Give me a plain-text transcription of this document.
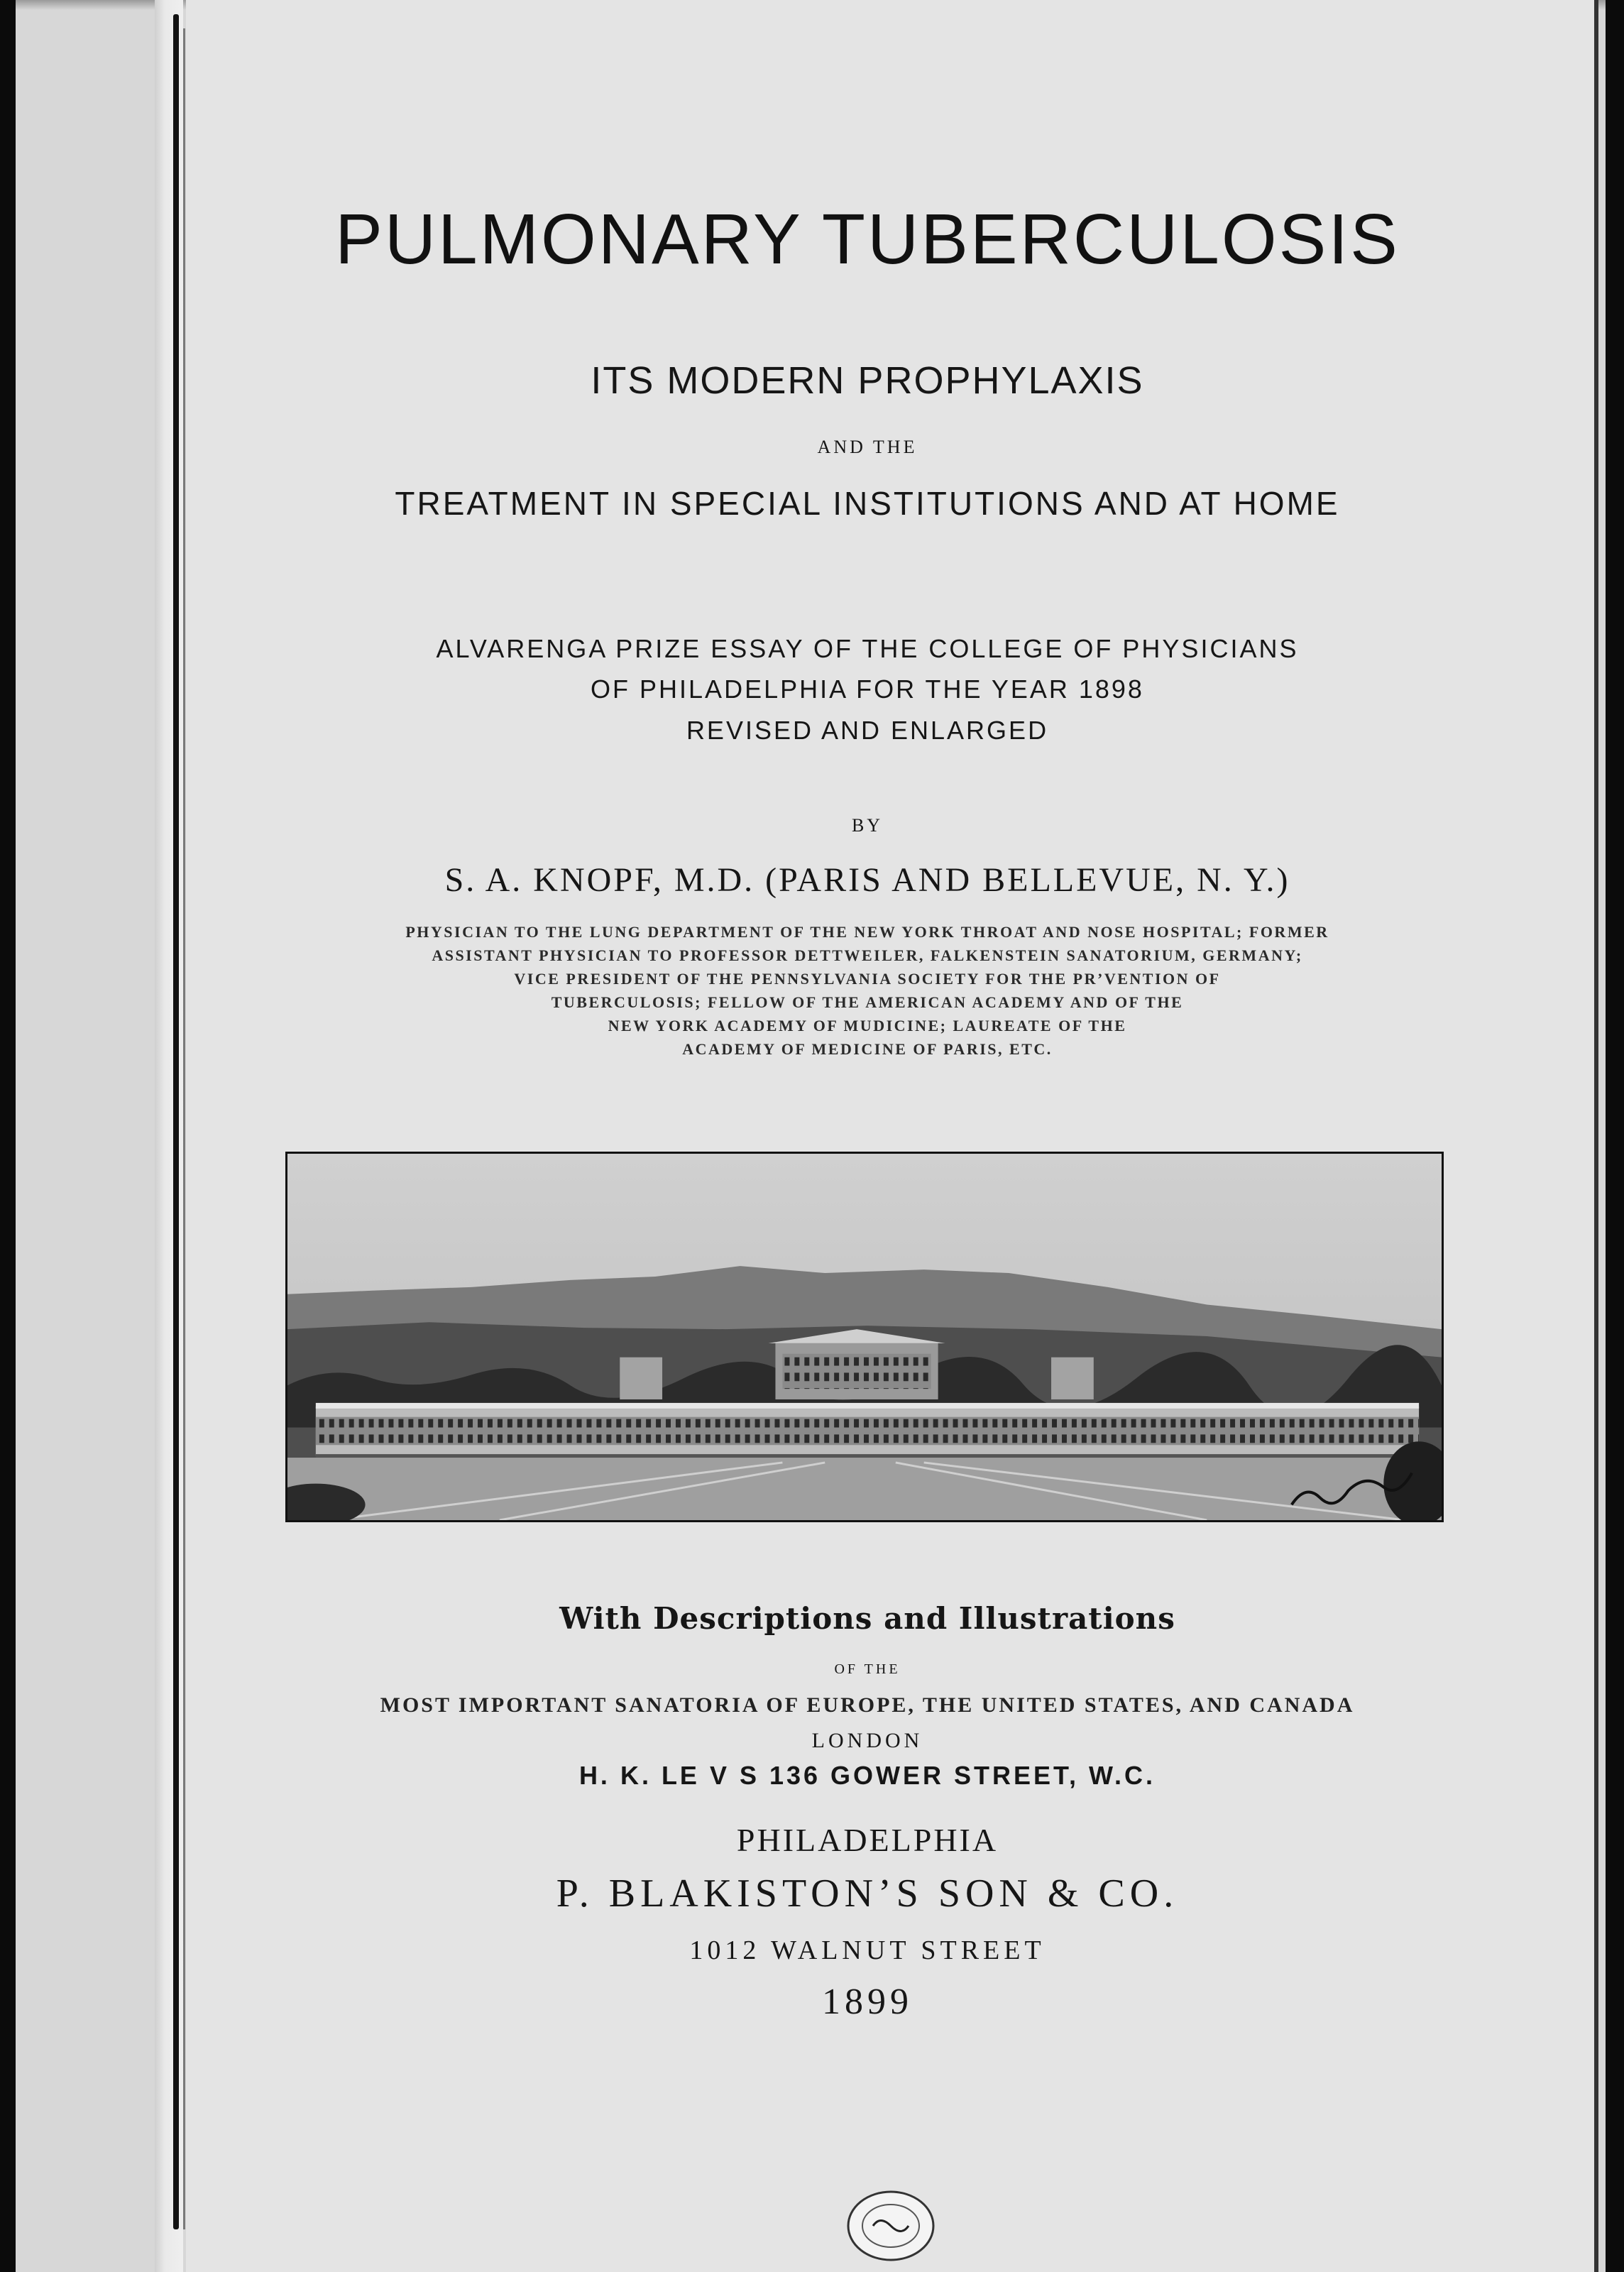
PULMONARY TUBERCULOSIS
ITS MODERN PROPHYLAXIS
AND THE
TREATMENT IN SPECIAL INSTITUTIONS AND AT HOME
ALVARENGA PRIZE ESSAY OF THE COLLEGE OF PHYSICIANS
OF PHILADELPHIA FOR THE YEAR 1898
REVISED AND ENLARGED
BY
S. A. KNOPF, M.D. (PARIS AND BELLEVUE, N. Y.)
PHYSICIAN TO THE LUNG DEPARTMENT OF THE NEW YORK THROAT AND NOSE HOSPITAL; FORMER
ASSISTANT PHYSICIAN TO PROFESSOR DETTWEILER, FALKENSTEIN SANATORIUM, GERMANY;
VICE PRESIDENT OF THE PENNSYLVANIA SOCIETY FOR THE PR’VENTION OF
TUBERCULOSIS; FELLOW OF THE AMERICAN ACADEMY AND OF THE
NEW YORK ACADEMY OF MUDICINE; LAUREATE OF THE
ACADEMY OF MEDICINE OF PARIS, ETC.
With Descriptions and Illustrations
OF THE
MOST IMPORTANT SANATORIA OF EUROPE, THE UNITED STATES, AND CANADA
LONDON
H. K. LE V S 136 GOWER STREET, W.C.
PHILADELPHIA
P. BLAKISTON’S SON & CO.
1012 WALNUT STREET
1899
